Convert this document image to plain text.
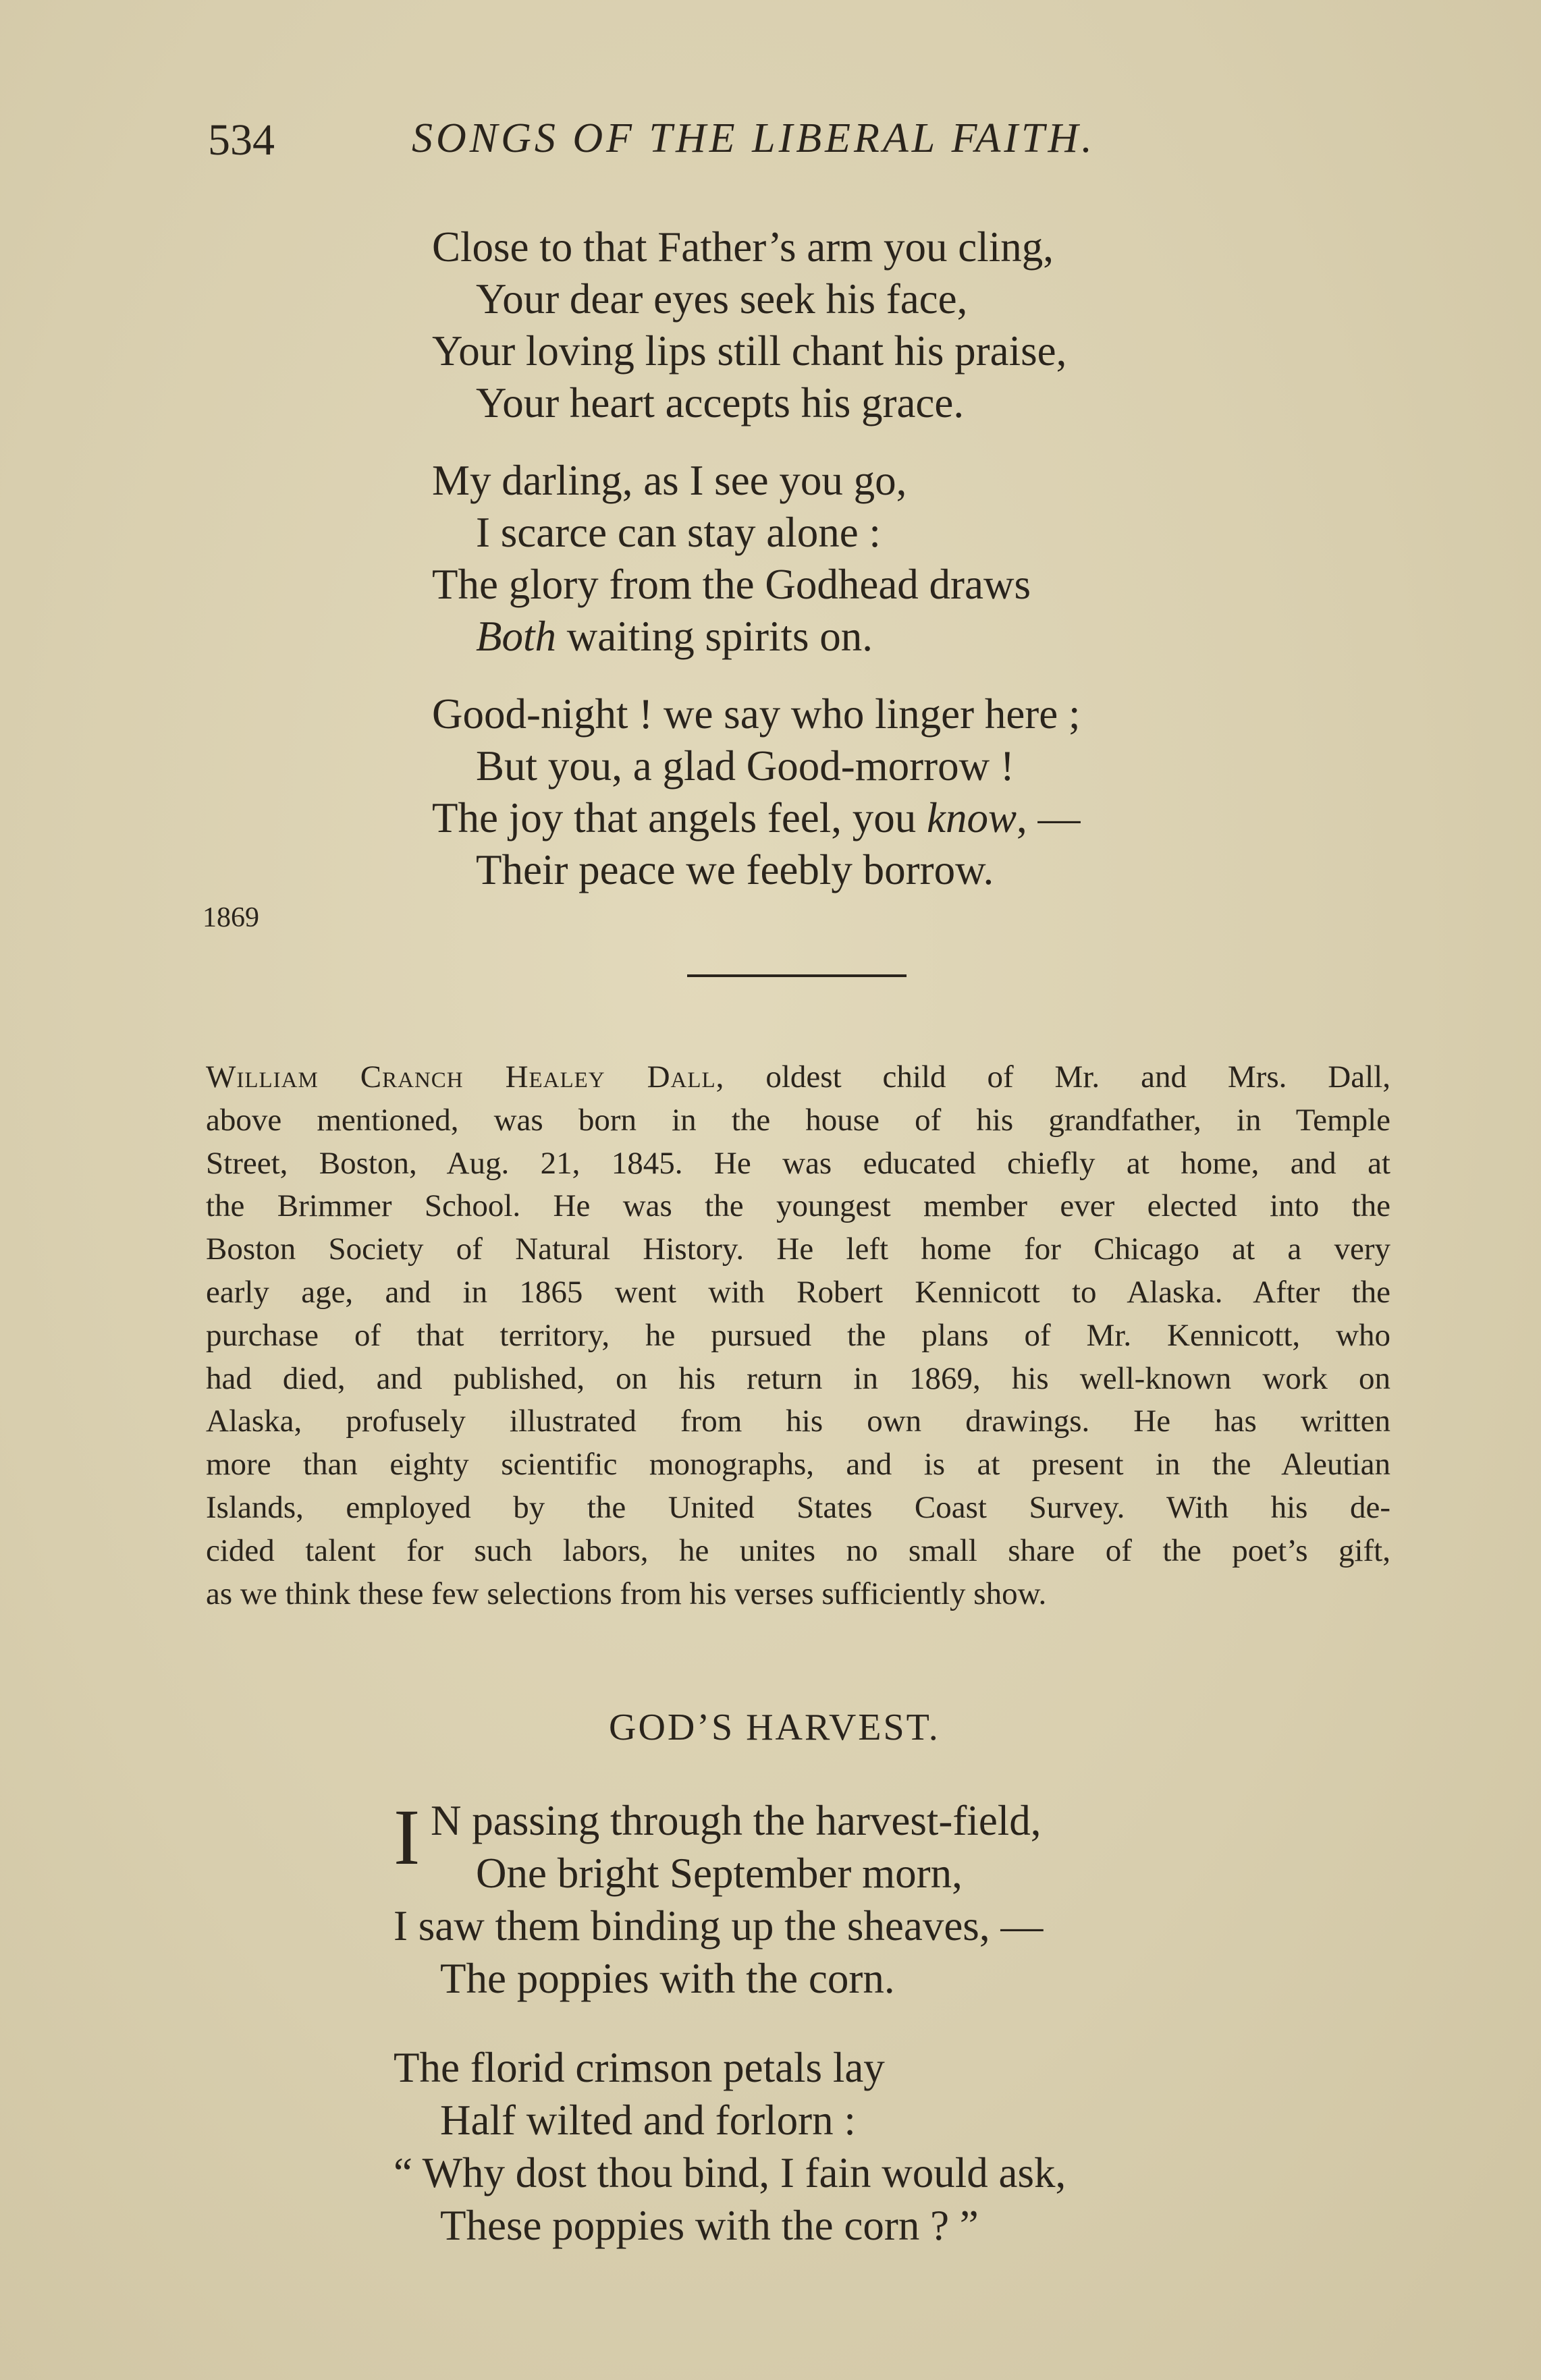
534	SONGS OF THE LIBERAL FAITH.
Close to that Father’s arm you cling,
Your dear eyes seek his face,
Your loving lips still chant his praise,
Your heart accepts his grace.
My darling, as I see you go,
I scarce can stay alone :
The glory from the Godhead draws
Both waiting spirits on.
Good-night ! we say who linger here ;
But you, a glad Good-morrow !
The joy that angels feel, you know, —
Their peace we feebly borrow.
1869
William Cranch Healey Dall, oldest child of Mr. and Mrs. Dall,
above mentioned, was born in the house of his grandfather, in Temple
Street, Boston, Aug. 21, 1845. He was educated chiefly at home, and at
the Brimmer School. He was the youngest member ever elected into the
Boston Society of Natural History. He left home for Chicago at a very
early age, and in 1865 went with Robert Kennicott to Alaska. After the
purchase of that territory, he pursued the plans of Mr. Kennicott, who
had died, and published, on his return in 1869, his well-known work on
Alaska, profusely illustrated from his own drawings. He has written
more than eighty scientific monographs, and is at present in the Aleutian
Islands, employed by the United States Coast Survey. With his de-
cided talent for such labors, he unites no small share of the poet’s gift,
as we think these few selections from his verses sufficiently show.
GOD’S HARVEST.
I N passing through the harvest-field,
One bright September morn,
I saw them binding up the sheaves, —
The poppies with the corn.
The florid crimson petals lay
Half wilted and forlorn :
“ Why dost thou bind, I fain would ask,
These poppies with the corn ? ”
